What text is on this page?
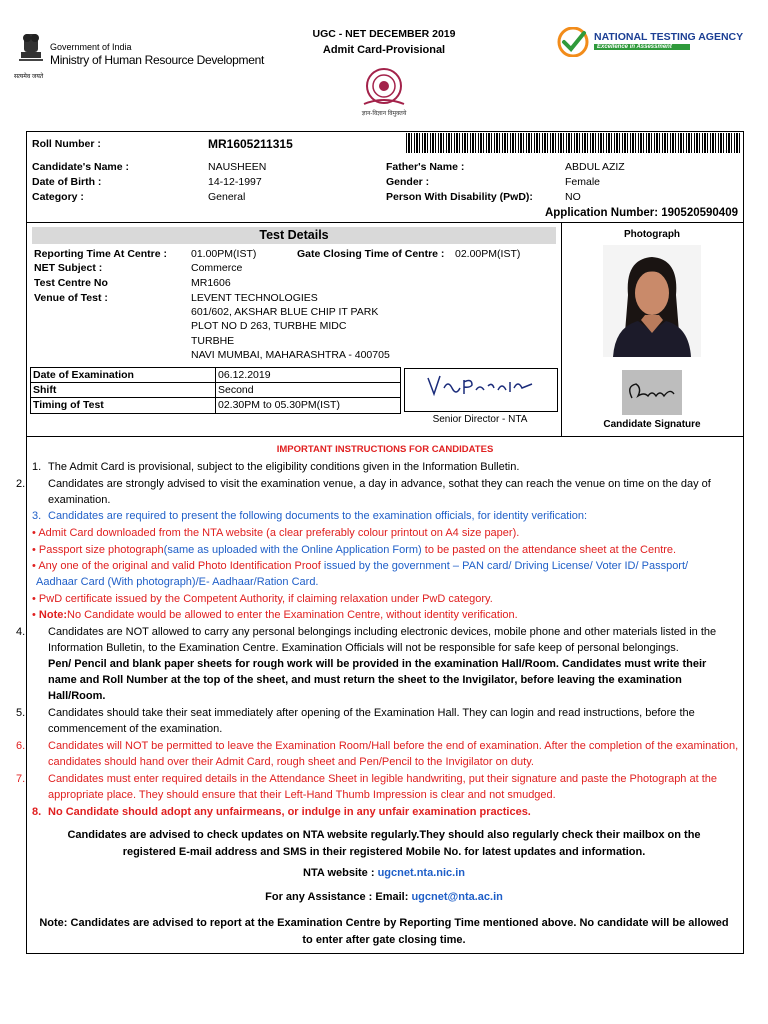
सत्यमेव जयते
Government of India
Ministry of Human Resource Development
UGC - NET DECEMBER 2019
Admit Card-Provisional
ज्ञान-विज्ञान विमुक्तये
NATIONAL TESTING AGENCY
Excellence in Assessment
Roll Number :	MR1605211315
Candidate's Name :	NAUSHEEN
Date of Birth :	14-12-1997
Category :	General
Father's Name :	ABDUL AZIZ
Gender :	Female
Person With Disability (PwD):	NO
Application Number: 190520590409
Test Details
Reporting Time At Centre : 01.00PM(IST)	Gate Closing Time of Centre : 02.00PM(IST)
NET Subject :	Commerce
Test Centre No	MR1606
Venue of Test :	LEVENT TECHNOLOGIES
601/602, AKSHAR BLUE CHIP IT PARK
PLOT NO D 263, TURBHE MIDC
TURBHE
NAVI MUMBAI, MAHARASHTRA - 400705
Date of Examination	06.12.2019
Shift	Second
Timing of Test	02.30PM to 05.30PM(IST)
Senior Director - NTA
Photograph
Candidate Signature
IMPORTANT INSTRUCTIONS FOR CANDIDATES
1. The Admit Card is provisional, subject to the eligibility conditions given in the Information Bulletin.
2. Candidates are strongly advised to visit the examination venue, a day in advance, sothat they can reach the venue on time on the day of examination.
3. Candidates are required to present the following documents to the examination officials, for identity verification:
• Admit Card downloaded from the NTA website (a clear preferably colour printout on A4 size paper).
• Passport size photograph(same as uploaded with the Online Application Form) to be pasted on the attendance sheet at the Centre.
• Any one of the original and valid Photo Identification Proof issued by the government – PAN card/ Driving License/ Voter ID/ Passport/
Aadhaar Card (With photograph)/E- Aadhaar/Ration Card.
• PwD certificate issued by the Competent Authority, if claiming relaxation under PwD category.
• Note:No Candidate would be allowed to enter the Examination Centre, without identity verification.
4. Candidates are NOT allowed to carry any personal belongings including electronic devices, mobile phone and other materials listed in the Information Bulletin, to the Examination Centre. Examination Officials will not be responsible for safe keep of personal belongings.
Pen/ Pencil and blank paper sheets for rough work will be provided in the examination Hall/Room. Candidates must write their name and Roll Number at the top of the sheet, and must return the sheet to the Invigilator, before leaving the examination Hall/Room.
5. Candidates should take their seat immediately after opening of the Examination Hall. They can login and read instructions, before the commencement of the examination.
6. Candidates will NOT be permitted to leave the Examination Room/Hall before the end of examination. After the completion of the examination, candidates should hand over their Admit Card, rough sheet and Pen/Pencil to the Invigilator on duty.
7. Candidates must enter required details in the Attendance Sheet in legible handwriting, put their signature and paste the Photograph at the appropriate place. They should ensure that their Left-Hand Thumb Impression is clear and not smudged.
8. No Candidate should adopt any unfairmeans, or indulge in any unfair examination practices.
Candidates are advised to check updates on NTA website regularly.They should also regularly check their mailbox on the registered E-mail address and SMS in their registered Mobile No. for latest updates and information.
NTA website : ugcnet.nta.nic.in
For any Assistance : Email: ugcnet@nta.ac.in
Note: Candidates are advised to report at the Examination Centre by Reporting Time mentioned above. No candidate will be allowed to enter after gate closing time.
